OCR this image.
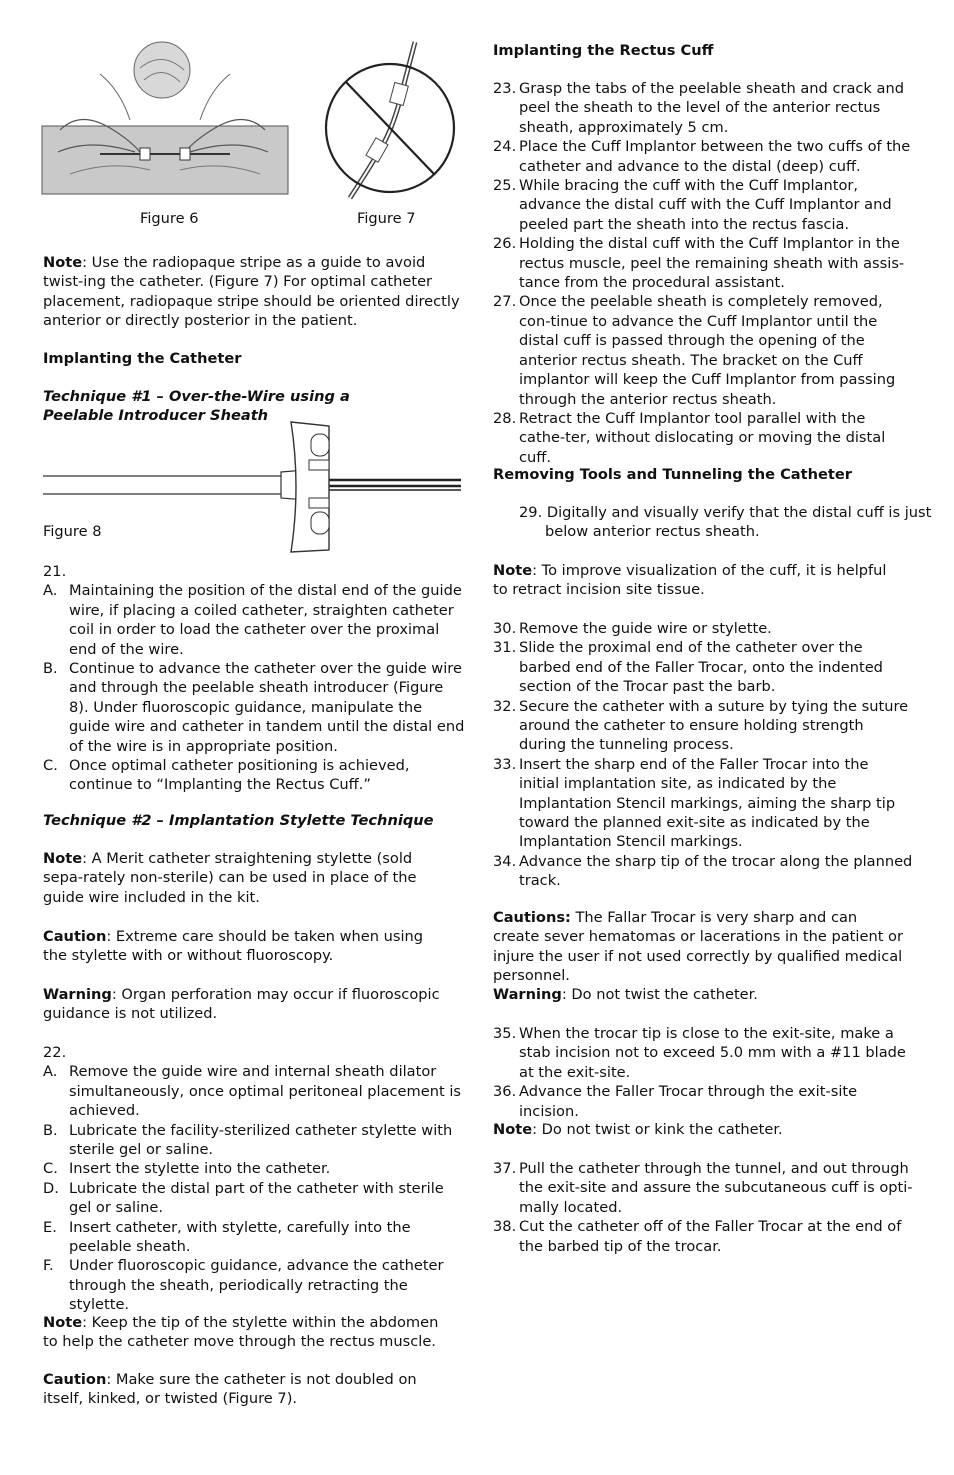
Figure 6	Figure 7
Figure 8

Note: Use the radiopaque stripe as a guide to avoid twist-ing the catheter. (Figure 7) For optimal catheter placement, radiopaque stripe should be oriented directly anterior or directly posterior in the patient.

Implanting the Catheter
Technique #1 – Over-the-Wire using a Peelable Introducer Sheath

21.

A. Maintaining the position of the distal end of the guide wire, if placing a coiled catheter, straighten catheter coil in order to load the catheter over the proximal end of the wire.
B. Continue to advance the catheter over the guide wire and through the peelable sheath introducer (Figure 8). Under fluoroscopic guidance, manipulate the guide wire and catheter in tandem until the distal end of the wire is in appropriate position.
C. Once optimal catheter positioning is achieved, continue to “Implanting the Rectus Cuff.”
Technique #2 – Implantation Stylette Technique

Note: A Merit catheter straightening stylette (sold sepa-rately non-sterile) can be used in place of the guide wire included in the kit.

Caution: Extreme care should be taken when using the stylette with or without fluoroscopy.

Warning: Organ perforation may occur if fluoroscopic guidance is not utilized.

22.

A. Remove the guide wire and internal sheath dilator simultaneously, once optimal peritoneal placement is achieved.
B. Lubricate the facility-sterilized catheter stylette with sterile gel or saline.
C. Insert the stylette into the catheter.
D. Lubricate the distal part of the catheter with sterile gel or saline.
E. Insert catheter, with stylette, carefully into the peelable sheath.
F. Under fluoroscopic guidance, advance the catheter through the sheath, periodically retracting the stylette.

Note: Keep the tip of the stylette within the abdomen to help the catheter move through the rectus muscle.

Caution: Make sure the catheter is not doubled on itself, kinked, or twisted (Figure 7).

Implanting the Rectus Cuff
23. Grasp the tabs of the peelable sheath and crack and peel the sheath to the level of the anterior rectus sheath, approximately 5 cm.
24. Place the Cuff Implantor between the two cuffs of the catheter and advance to the distal (deep) cuff.
25. While bracing the cuff with the Cuff Implantor, advance the distal cuff with the Cuff Implantor and peeled part the sheath into the rectus fascia.
26. Holding the distal cuff with the Cuff Implantor in the rectus muscle, peel the remaining sheath with assis-tance from the procedural assistant.
27. Once the peelable sheath is completely removed, con-tinue to advance the Cuff Implantor until the distal cuff is passed through the opening of the anterior rectus sheath. The bracket on the Cuff implantor will keep the Cuff Implantor from passing through the anterior rectus sheath.
28. Retract the Cuff Implantor tool parallel with the cathe-ter, without dislocating or moving the distal cuff.
Removing Tools and Tunneling the Catheter
29. Digitally and visually verify that the distal cuff is just below anterior rectus sheath.

Note: To improve visualization of the cuff, it is helpful to retract incision site tissue.

30. Remove the guide wire or stylette.
31. Slide the proximal end of the catheter over the barbed end of the Faller Trocar, onto the indented section of the Trocar past the barb.
32. Secure the catheter with a suture by tying the suture around the catheter to ensure holding strength during the tunneling process.
33. Insert the sharp end of the Faller Trocar into the initial implantation site, as indicated by the Implantation Stencil markings, aiming the sharp tip toward the planned exit-site as indicated by the Implantation Stencil markings.
34. Advance the sharp tip of the trocar along the planned track.

Cautions: The Fallar Trocar is very sharp and can create sever hematomas or lacerations in the patient or injure the user if not used correctly by qualified medical personnel.

Warning: Do not twist the catheter.

35. When the trocar tip is close to the exit-site, make a stab incision not to exceed 5.0 mm with a #11 blade at the exit-site.
36. Advance the Faller Trocar through the exit-site incision.

Note: Do not twist or kink the catheter.

37. Pull the catheter through the tunnel, and out through the exit-site and assure the subcutaneous cuff is opti-mally located.
38. Cut the catheter off of the Faller Trocar at the end of the barbed tip of the trocar.
